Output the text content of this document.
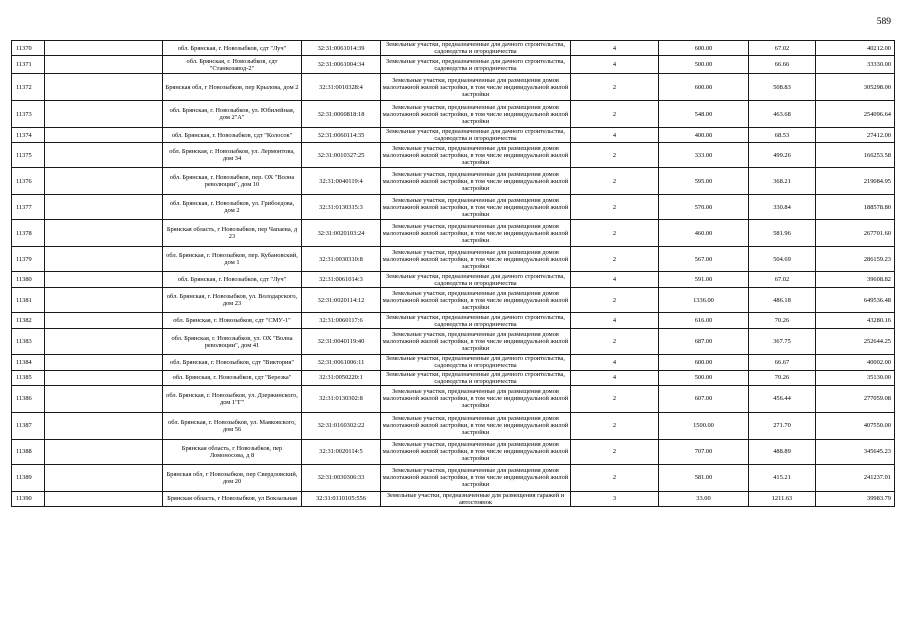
589
11370		обл. Брянская, г. Новозыбков, сдт "Луч"	32:31:0061014:39	Земельные участки, предназначенные для дачного строительства, садоводства и огородничества	4	600.00	67.02	40212.00
11371		обл. Брянская, г. Новозыбков, сдт "Станкозавод-2"	32:31:0061004:34	Земельные участки, предназначенные для дачного строительства, садоводства и огородничества	4	500.00	66.66	33330.00
11372		Брянская обл, г Новозыбков, пер Крылова, дом 2	32:31:0010328:4	Земельные участки, предназначенные для размещения домов малоэтажной жилой застройки, в том числе индивидуальной жилой застройки	2	600.00	508.83	305298.00
11373		обл. Брянская, г. Новозыбков, ул. Юбилейная, дом 2"А"	32:31:0060818:18	Земельные участки, предназначенные для размещения домов малоэтажной жилой застройки, в том числе индивидуальной жилой застройки	2	548.00	463.68	254096.64
11374		обл. Брянская, г. Новозыбков, сдт "Колосок"	32:31:0060114:35	Земельные участки, предназначенные для дачного строительства, садоводства и огородничества	4	400.00	68.53	27412.00
11375		обл. Брянская, г. Новозыбков, ул. Лермонтова, дом 34	32:31:0010327:25	Земельные участки, предназначенные для размещения домов малоэтажной жилой застройки, в том числе индивидуальной жилой застройки	2	333.00	499.26	166253.58
11376		обл. Брянская, г. Новозыбков, пер. ОХ "Волна революции", дом 10	32:31:0040119:4	Земельные участки, предназначенные для размещения домов малоэтажной жилой застройки, в том числе индивидуальной жилой застройки	2	595.00	368.21	219084.95
11377		обл. Брянская, г. Новозыбков, ул. Грибоедова, дом 2	32:31:0130315:3	Земельные участки, предназначенные для размещения домов малоэтажной жилой застройки, в том числе индивидуальной жилой застройки	2	570.00	330.84	188578.80
11378		Брянская область, г Новозыбков, пер Чапаева, д 23	32:31:0020103:24	Земельные участки, предназначенные для размещения домов малоэтажной жилой застройки, в том числе индивидуальной жилой застройки	2	460.00	581.96	267701.60
11379		обл. Брянская, г. Новозыбков, пер. Кубановский, дом 1	32:31:0030310:8	Земельные участки, предназначенные для размещения домов малоэтажной жилой застройки, в том числе индивидуальной жилой застройки	2	567.00	504.69	286159.23
11380		обл. Брянская, г. Новозыбков, сдт "Луч"	32:31:0061014:3	Земельные участки, предназначенные для дачного строительства, садоводства и огородничества	4	591.00	67.02	39608.82
11381		обл. Брянская, г. Новозыбков, ул. Володарского, дом 23	32:31:0020114:12	Земельные участки, предназначенные для размещения домов малоэтажной жилой застройки, в том числе индивидуальной жилой застройки	2	1336.00	486.18	649536.48
11382		обл. Брянская, г. Новозыбков, сдт "СМУ-1"	32:31:0060117:6	Земельные участки, предназначенные для дачного строительства, садоводства и огородничества	4	616.00	70.26	43280.16
11383		обл. Брянская, г. Новозыбков, ул. ОХ "Волна революции", дом 41	32:31:0040119:40	Земельные участки, предназначенные для размещения домов малоэтажной жилой застройки, в том числе индивидуальной жилой застройки	2	687.00	367.75	252644.25
11384		обл. Брянская, г. Новозыбков, сдт "Виктория"	32:31:0061006:11	Земельные участки, предназначенные для дачного строительства, садоводства и огородничества	4	600.00	66.67	40002.00
11385		обл. Брянская, г. Новозыбков, сдт "Березка"	32:31:0050220:1	Земельные участки, предназначенные для дачного строительства, садоводства и огородничества	4	500.00	70.26	35130.00
11386		обл. Брянская, г. Новозыбков, ул. Дзержинского, дом 1"Г"	32:31:0130302:8	Земельные участки, предназначенные для размещения домов малоэтажной жилой застройки, в том числе индивидуальной жилой застройки	2	607.00	456.44	277059.08
11387		обл. Брянская, г. Новозыбков, ул. Маяковского, дом 56	32:31:0160302:22	Земельные участки, предназначенные для размещения домов малоэтажной жилой застройки, в том числе индивидуальной жилой застройки	2	1500.00	271.70	407550.00
11388		Брянская область, г Новозыбков, пер Ломоносова, д 8	32:31:0020114:5	Земельные участки, предназначенные для размещения домов малоэтажной жилой застройки, в том числе индивидуальной жилой застройки	2	707.00	488.89	345645.23
11389		Брянская обл, г Новозыбков, пер Свердловский, дом 20	32:31:0030306:33	Земельные участки, предназначенные для размещения домов малоэтажной жилой застройки, в том числе индивидуальной жилой застройки	2	581.00	415.21	241237.01
11390		Брянская область, г Новозыбков, ул Вокзальная	32:31:0110105:556	Земельные участки, предназначенные для размещения гаражей и автостоянок	3	33.00	1211.63	39983.79
